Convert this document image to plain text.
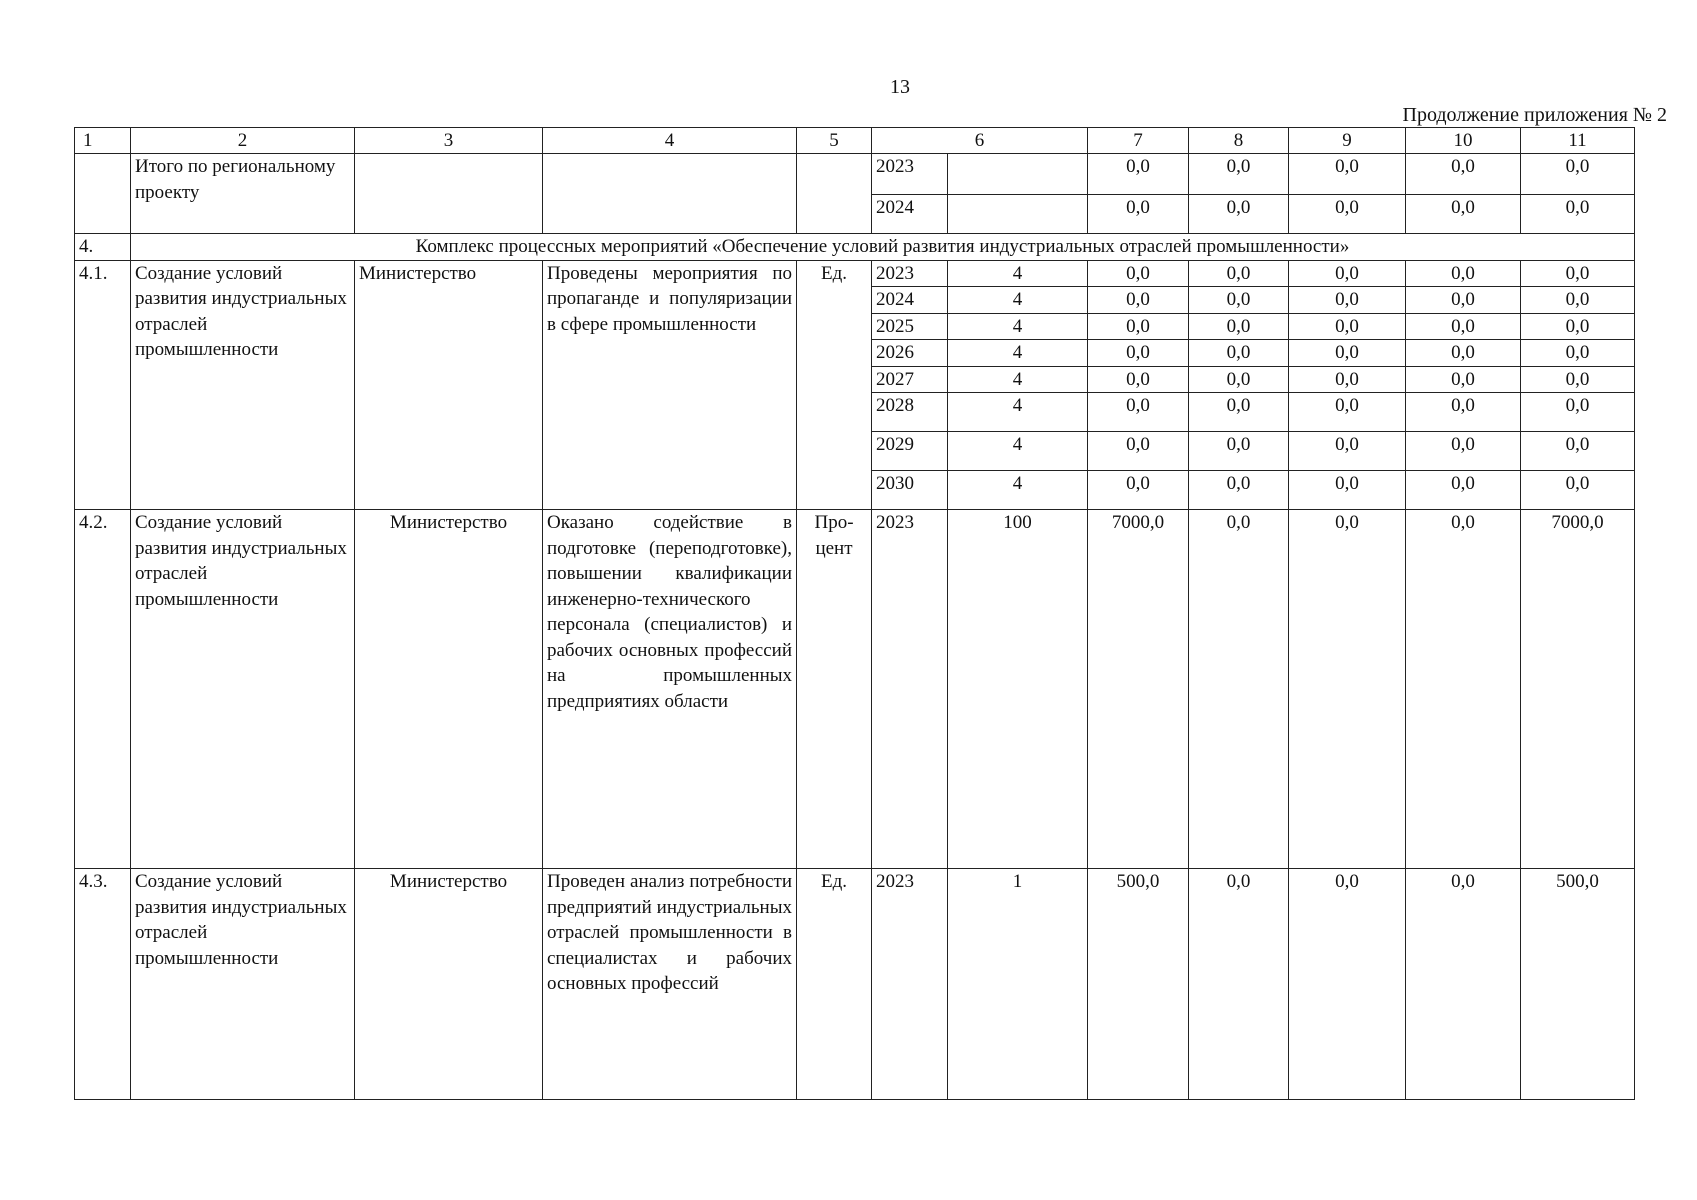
13
Продолжение приложения № 2
1	2	3	4	5	6		7	8	9	10	11
	Итого по региональному проекту				2023		0,0	0,0	0,0	0,0	0,0
					2024		0,0	0,0	0,0	0,0	0,0
4.	Комплекс процессных мероприятий «Обеспечение условий развития индустриальных отраслей промышленности»										
4.1.	Создание условий развития индустриальных отраслей промышленности	Министерство	Проведены мероприятия по пропаганде и популяризации в сфере промышленности	Ед.	2023	4	0,0	0,0	0,0	0,0	0,0
					2024	4	0,0	0,0	0,0	0,0	0,0
					2025	4	0,0	0,0	0,0	0,0	0,0
					2026	4	0,0	0,0	0,0	0,0	0,0
					2027	4	0,0	0,0	0,0	0,0	0,0
					2028	4	0,0	0,0	0,0	0,0	0,0
					2029	4	0,0	0,0	0,0	0,0	0,0
					2030	4	0,0	0,0	0,0	0,0	0,0
4.2.	Создание условий развития индустриальных отраслей промышленности	Министерство	Оказано содействие в подготовке (переподготовке), повышении квалификации инженерно-технического персонала (специалистов) и рабочих основных профессий на промышленных предприятиях области	Про-цент	2023	100	7000,0	0,0	0,0	0,0	7000,0
4.3.	Создание условий развития индустриальных отраслей промышленности	Министерство	Проведен анализ потребности предприятий индустриальных отраслей промышленности в специалистах и рабочих основных профессий	Ед.	2023	1	500,0	0,0	0,0	0,0	500,0
